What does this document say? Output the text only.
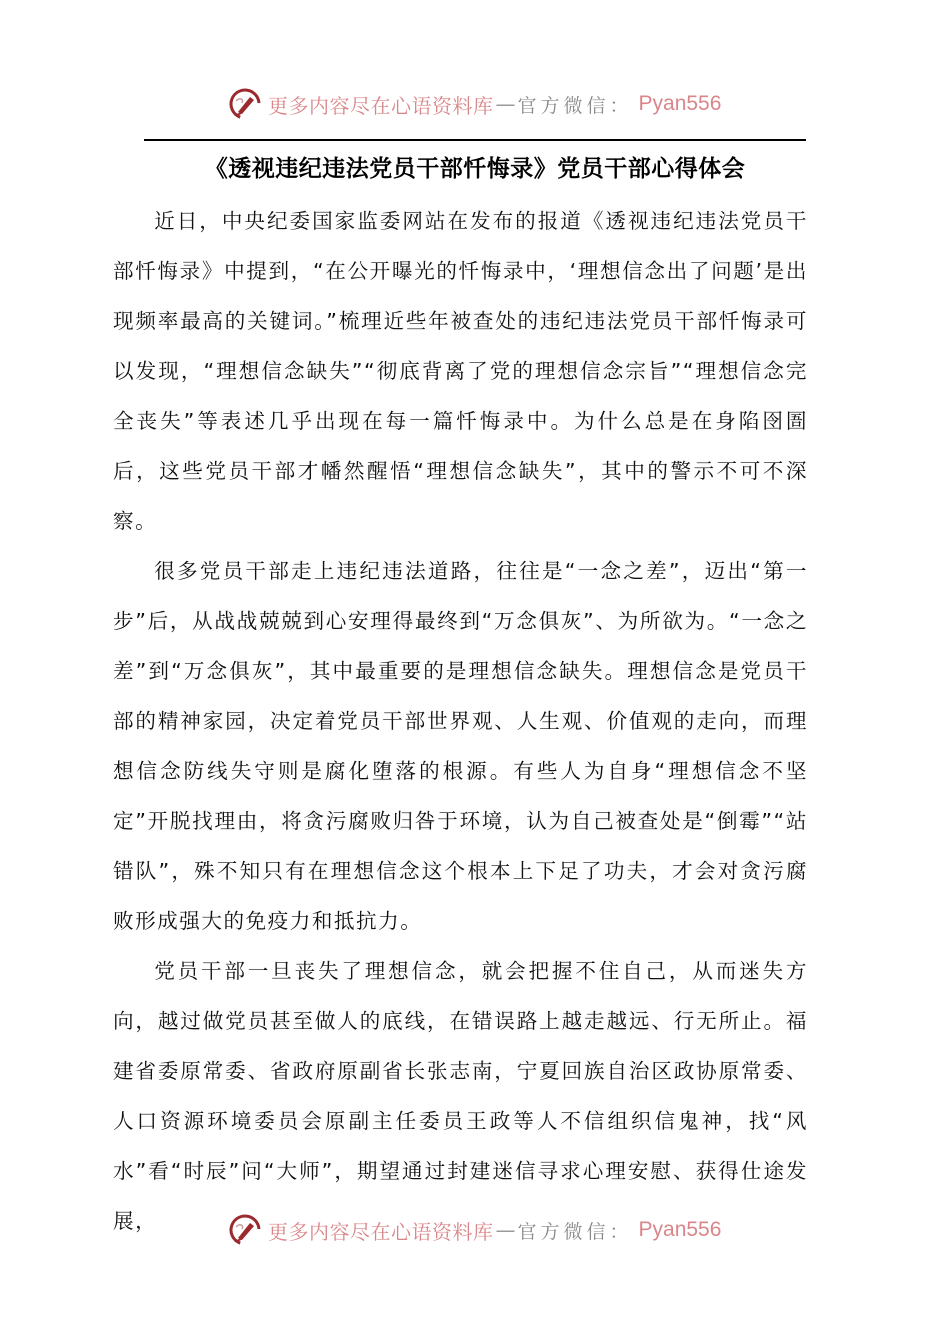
更多内容尽在心语资料库 — 官方微信： Pyan556
《透视违纪违法党员干部忏悔录》党员干部心得体会

近日，中央纪委国家监委网站在发布的报道《透视违纪违法党员干部忏悔录》中提到，“在公开曝光的忏悔录中，‘理想信念出了问题’是出现频率最高的关键词。”梳理近些年被查处的违纪违法党员干部忏悔录可以发现，“理想信念缺失”“彻底背离了党的理想信念宗旨”“理想信念完全丧失”等表述几乎出现在每一篇忏悔录中。为什么总是在身陷囹圄后，这些党员干部才幡然醒悟“理想信念缺失”，其中的警示不可不深察。

很多党员干部走上违纪违法道路，往往是“一念之差”，迈出“第一步”后，从战战兢兢到心安理得最终到“万念俱灰”、为所欲为。“一念之差”到“万念俱灰”，其中最重要的是理想信念缺失。理想信念是党员干部的精神家园，决定着党员干部世界观、人生观、价值观的走向，而理想信念防线失守则是腐化堕落的根源。有些人为自身“理想信念不坚定”开脱找理由，将贪污腐败归咎于环境，认为自己被查处是“倒霉”“站错队”，殊不知只有在理想信念这个根本上下足了功夫，才会对贪污腐败形成强大的免疫力和抵抗力。

党员干部一旦丧失了理想信念，就会把握不住自己，从而迷失方向，越过做党员甚至做人的底线，在错误路上越走越远、行无所止。福建省委原常委、省政府原副省长张志南，宁夏回族自治区政协原常委、人口资源环境委员会原副主任委员王政等人不信组织信鬼神，找“风水”看“时辰”问“大师”，期望通过封建迷信寻求心理安慰、获得仕途发展，	更多内容尽在心语资料库 — 官方微信： Pyan556
